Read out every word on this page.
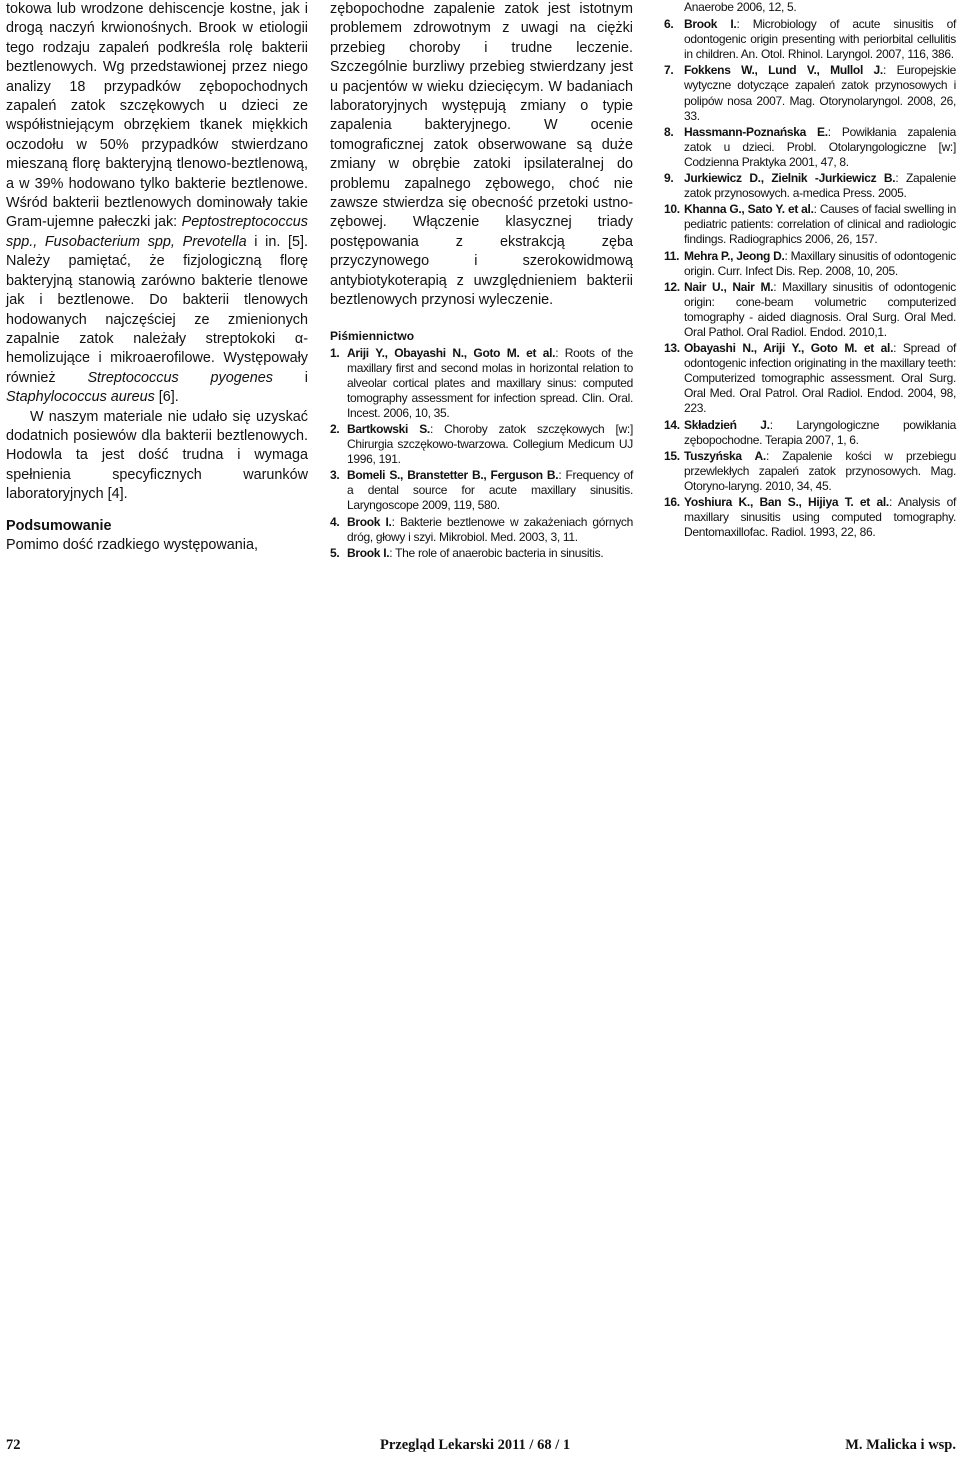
tokowa lub wrodzone dehiscencje kostne, jak i drogą naczyń krwionośnych. Brook w etiologii tego rodzaju zapaleń podkreśla rolę bakterii beztlenowych. Wg przedstawionej przez niego analizy 18 przypadków zębopochodnych zapaleń zatok szczękowych u dzieci ze współistniejącym obrzękiem tkanek miękkich oczodołu w 50% przypadków stwierdzano mieszaną florę bakteryjną tlenowo-beztlenową, a w 39% hodowano tylko bakterie beztlenowe. Wśród bakterii beztlenowych dominowały takie Gram-ujemne pałeczki jak: Peptostreptococcus spp., Fusobacterium spp, Prevotella i in. [5]. Należy pamiętać, że fizjologiczną florę bakteryjną stanowią zarówno bakterie tlenowe jak i beztlenowe. Do bakterii tlenowych hodowanych najczęściej ze zmienionych zapalnie zatok należały streptokoki α-hemolizujące i mikroaerofilowe. Występowały również Streptococcus pyogenes i Staphylococcus aureus [6].

W naszym materiale nie udało się uzyskać dodatnich posiewów dla bakterii beztlenowych. Hodowla ta jest dość trudna i wymaga spełnienia specyficznych warunków laboratoryjnych [4].

Podsumowanie

Pomimo dość rzadkiego występowania,

zębopochodne zapalenie zatok jest istotnym problemem zdrowotnym z uwagi na ciężki przebieg choroby i trudne leczenie. Szczególnie burzliwy przebieg stwierdzany jest u pacjentów w wieku dziecięcym. W badaniach laboratoryjnych występują zmiany o typie zapalenia bakteryjnego. W ocenie tomograficznej zatok obserwowane są duże zmiany w obrębie zatoki ipsilateralnej do problemu zapalnego zębowego, choć nie zawsze stwierdza się obecność przetoki ustno-zębowej. Włączenie klasycznej triady postępowania z ekstrakcją zęba przyczynowego i szerokowidmową antybiotykoterapią z uwzględnieniem bakterii beztlenowych przynosi wyleczenie.

Piśmiennictwo
1. Ariji Y., Obayashi N., Goto M. et al.: Roots of the maxillary first and second molas in horizontal relation to alveolar cortical plates and maxillary sinus: computed tomography assessment for infection spread. Clin. Oral. Incest. 2006, 10, 35.
2. Bartkowski S.: Choroby zatok szczękowych [w:] Chirurgia szczękowo-twarzowa. Collegium Medicum UJ 1996, 191.
3. Bomeli S., Branstetter B., Ferguson B.: Frequency of a dental source for acute maxillary sinusitis. Laryngoscope 2009, 119, 580.
4. Brook I.: Bakterie beztlenowe w zakażeniach górnych dróg, głowy i szyi. Mikrobiol. Med. 2003, 3, 11.
5. Brook I.: The role of anaerobic bacteria in sinusitis.
Anaerobe 2006, 12, 5.
6. Brook I.: Microbiology of acute sinusitis of odontogenic origin presenting with periorbital cellulitis in children. An. Otol. Rhinol. Laryngol. 2007, 116, 386.
7. Fokkens W., Lund V., Mullol J.: Europejskie wytyczne dotyczące zapaleń zatok przynosowych i polipów nosa 2007. Mag. Otorynolaryngol. 2008, 26, 33.
8. Hassmann-Poznańska E.: Powikłania zapalenia zatok u dzieci. Probl. Otolaryngologiczne [w:] Codzienna Praktyka 2001, 47, 8.
9. Jurkiewicz D., Zielnik -Jurkiewicz B.: Zapalenie zatok przynosowych. a-medica Press. 2005.
10. Khanna G., Sato Y. et al.: Causes of facial swelling in pediatric patients: correlation of clinical and radiologic findings. Radiographics 2006, 26, 157.
11. Mehra P., Jeong D.: Maxillary sinusitis of odontogenic origin. Curr. Infect Dis. Rep. 2008, 10, 205.
12. Nair U., Nair M.: Maxillary sinusitis of odontogenic origin: cone-beam volumetric computerized tomography - aided diagnosis. Oral Surg. Oral Med. Oral Pathol. Oral Radiol. Endod. 2010,1.
13. Obayashi N., Ariji Y., Goto M. et al.: Spread of odontogenic infection originating in the maxillary teeth: Computerized tomographic assessment. Oral Surg. Oral Med. Oral Patrol. Oral Radiol. Endod. 2004, 98, 223.
14. Składzień J.: Laryngologiczne powikłania zębopochodne. Terapia 2007, 1, 6.
15. Tuszyńska A.: Zapalenie kości w przebiegu przewlekłych zapaleń zatok przynosowych. Mag. Otoryno-laryng. 2010, 34, 45.
16. Yoshiura K., Ban S., Hijiya T. et al.: Analysis of maxillary sinusitis using computed tomography. Dentomaxillofac. Radiol. 1993, 22, 86.
72	Przegląd Lekarski 2011 / 68 / 1	M. Malicka i wsp.
